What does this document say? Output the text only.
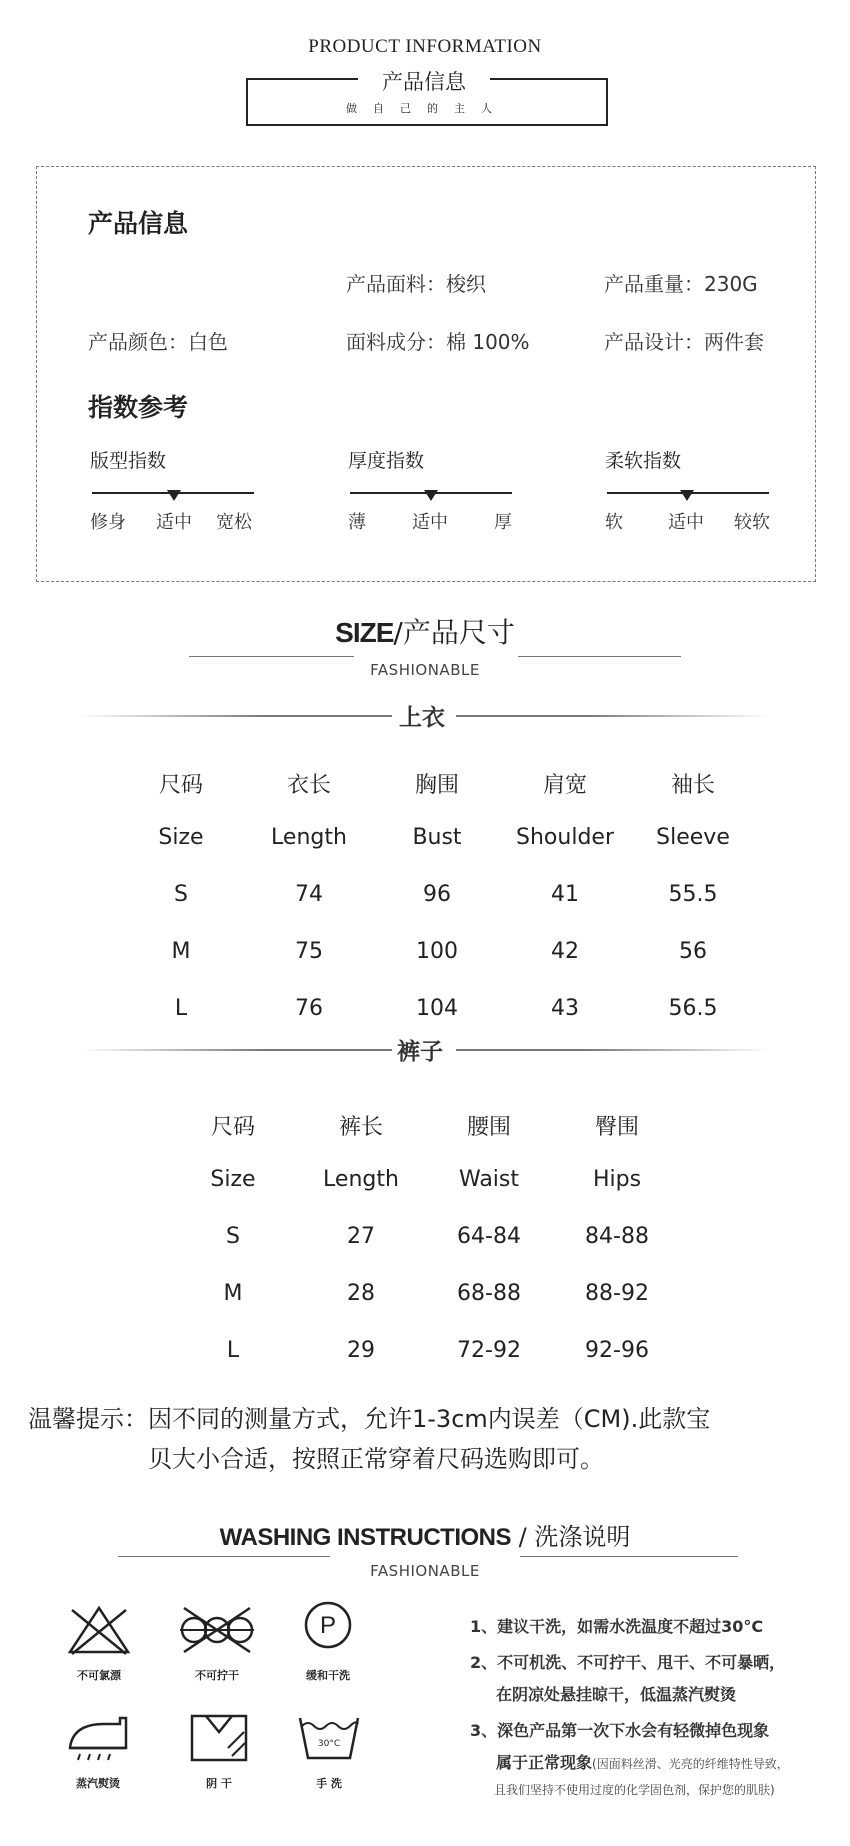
PRODUCT INFORMATION
产品信息
做自己的主人
产品信息
产品面料：梭织	产品重量：230G
产品颜色：白色	面料成分：棉 100%	产品设计：两件套
指数参考
版型指数
修身 适中 宽松
厚度指数
薄	适中	厚
柔软指数
软	适中 较软
SIZE/产品尺寸
FASHIONABLE
上衣
尺码	衣长	胸围	肩宽	袖长
Size	Length	Bust Shoulder Sleeve
S	74	96	41	55.5
M	75	100	42	56
L	76	104	43	56.5
裤子
尺码	裤长	腰围	臀围
Size	Length	Waist	Hips
S	27	64-84	84-88
M	28	68-88	88-92
L	29	72-92	92-96
温馨提示：因不同的测量方式，允许1-3cm内误差（CM).此款宝
贝大小合适，按照正常穿着尺码选购即可。
WASHING INSTRUCTIONS / 洗涤说明
FASHIONABLE
不可氯漂	不可拧干
P
缓和干洗
蒸汽熨烫	阴 干
30°C
手 洗
1、建议干洗，如需水洗温度不超过30°C
2、不可机洗、不可拧干、甩干、不可暴晒，
在阴凉处悬挂晾干，低温蒸汽熨烫
3、深色产品第一次下水会有轻微掉色现象
属于正常现象(因面料丝滑、光亮的纤维特性导致，
且我们坚持不使用过度的化学固色剂，保护您的肌肤)
